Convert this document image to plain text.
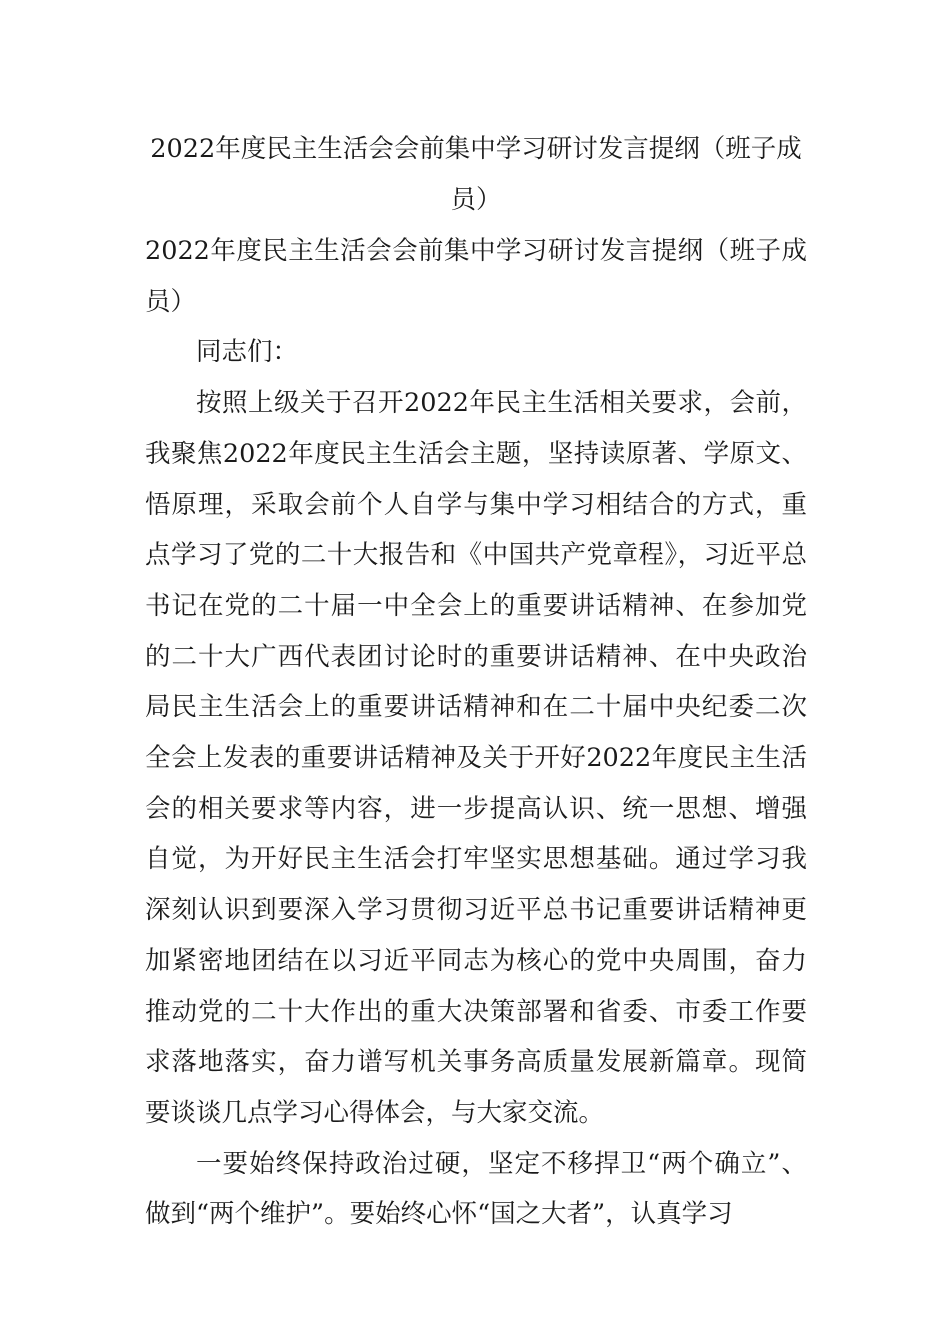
2022年度民主生活会会前集中学习研讨发言提纲（班子成员）

2022年度民主生活会会前集中学习研讨发言提纲（班子成员）

同志们：

按照上级关于召开2022年民主生活相关要求，会前，我聚焦2022年度民主生活会主题，坚持读原著、学原文、悟原理，采取会前个人自学与集中学习相结合的方式，重点学习了党的二十大报告和《中国共产党章程》，习近平总书记在党的二十届一中全会上的重要讲话精神、在参加党的二十大广西代表团讨论时的重要讲话精神、在中央政治局民主生活会上的重要讲话精神和在二十届中央纪委二次全会上发表的重要讲话精神及关于开好2022年度民主生活会的相关要求等内容，进一步提高认识、统一思想、增强自觉，为开好民主生活会打牢坚实思想基础。通过学习我深刻认识到要深入学习贯彻习近平总书记重要讲话精神更加紧密地团结在以习近平同志为核心的党中央周围，奋力推动党的二十大作出的重大决策部署和省委、市委工作要求落地落实，奋力谱写机关事务高质量发展新篇章。现简要谈谈几点学习心得体会，与大家交流。

一要始终保持政治过硬，坚定不移捍卫“两个确立”、做到“两个维护”。要始终心怀“国之大者”，认真学习
